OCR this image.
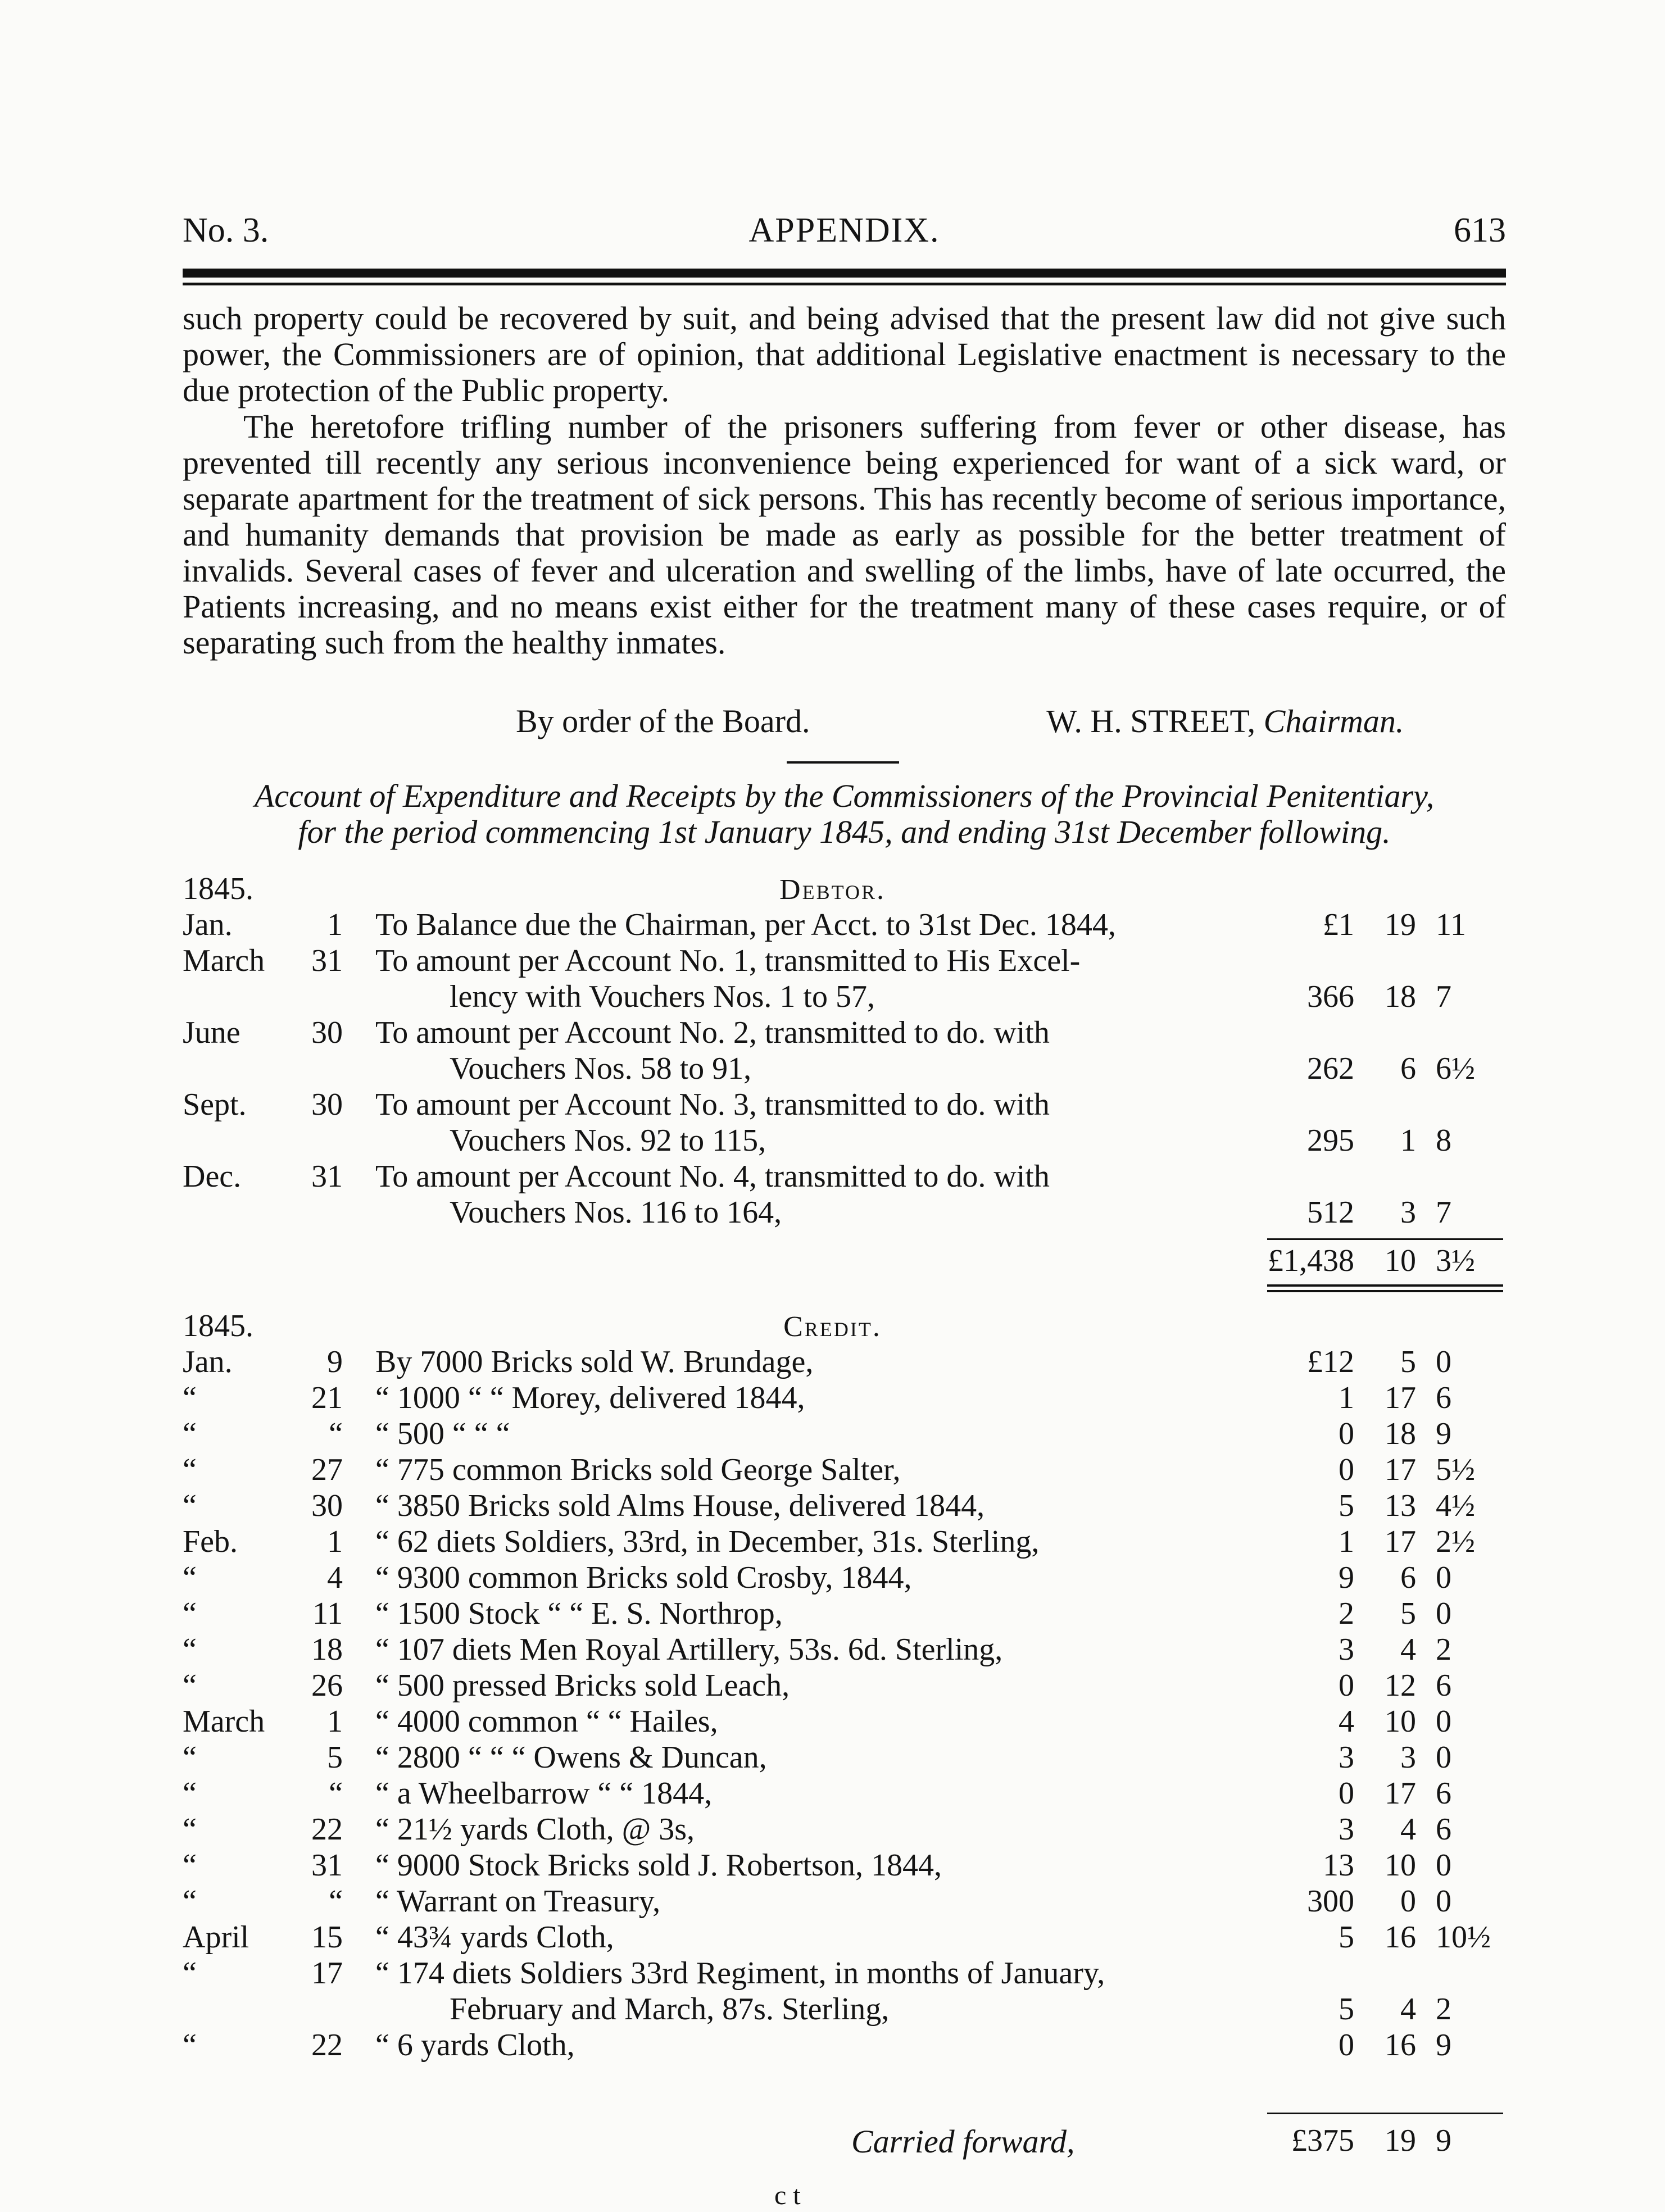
No. 3.	APPENDIX.	613

such property could be recovered by suit, and being advised that the present law did not give such power, the Commissioners are of opinion, that additional Legislative enactment is necessary to the due protection of the Public property.

The heretofore trifling number of the prisoners suffering from fever or other disease, has prevented till recently any serious inconvenience being experienced for want of a sick ward, or separate apartment for the treatment of sick persons. This has recently become of serious importance, and humanity demands that provision be made as early as possible for the better treatment of invalids. Several cases of fever and ulceration and swelling of the limbs, have of late occurred, the Patients increasing, and no means exist either for the treatment many of these cases require, or of separating such from the healthy inmates.

By order of the Board.	W. H. STREET, Chairman.
Account of Expenditure and Receipts by the Commissioners of the Provincial Penitentiary,
for the period commencing 1st January 1845, and ending 31st December following.
1845.	Debtor.
Jan.	1 To Balance due the Chairman, per Acct. to 31st Dec. 1844,	£1 19 11
March	31 To amount per Account No. 1, transmitted to His Excel-
lency with Vouchers Nos. 1 to 57,	366 18 7
June	30 To amount per Account No. 2, transmitted to do. with
Vouchers Nos. 58 to 91,	262	6 6½
Sept.	30 To amount per Account No. 3, transmitted to do. with
Vouchers Nos. 92 to 115,	295	1 8
Dec.	31 To amount per Account No. 4, transmitted to do. with
Vouchers Nos. 116 to 164,	512	3 7
£1,438 10 3½
1845.	Credit.
Jan.	9 By 7000 Bricks sold W. Brundage,	£12	5 0
“	21 “ 1000 “ “ Morey, delivered 1844,	1 17 6
“	“ “ 500 “ “ “	0 18 9
“	27 “ 775 common Bricks sold George Salter,	0 17 5½
“	30 “ 3850 Bricks sold Alms House, delivered 1844,	5 13 4½
Feb.	1 “ 62 diets Soldiers, 33rd, in December, 31s. Sterling,	1 17 2½
“	4 “ 9300 common Bricks sold Crosby, 1844,	9	6 0
“	11 “ 1500 Stock “ “ E. S. Northrop,	2	5 0
“	18 “ 107 diets Men Royal Artillery, 53s. 6d. Sterling,	3	4 2
“	26 “ 500 pressed Bricks sold Leach,	0 12 6
March	1 “ 4000 common “ “ Hailes,	4 10 0
“	5 “ 2800 “ “ “ Owens & Duncan,	3	3 0
“	“ “ a Wheelbarrow “ “ 1844,	0 17 6
“	22 “ 21½ yards Cloth, @ 3s,	3	4 6
“	31 “ 9000 Stock Bricks sold J. Robertson, 1844,	13 10 0
“	“ “ Warrant on Treasury,	300	0 0
April	15 “ 43¾ yards Cloth,	5 16 10½
“	17 “ 174 diets Soldiers 33rd Regiment, in months of January,
February and March, 87s. Sterling,	5	4 2
“	22 “ 6 yards Cloth,	0 16 9
Carried forward,	£375 19 9
c t
